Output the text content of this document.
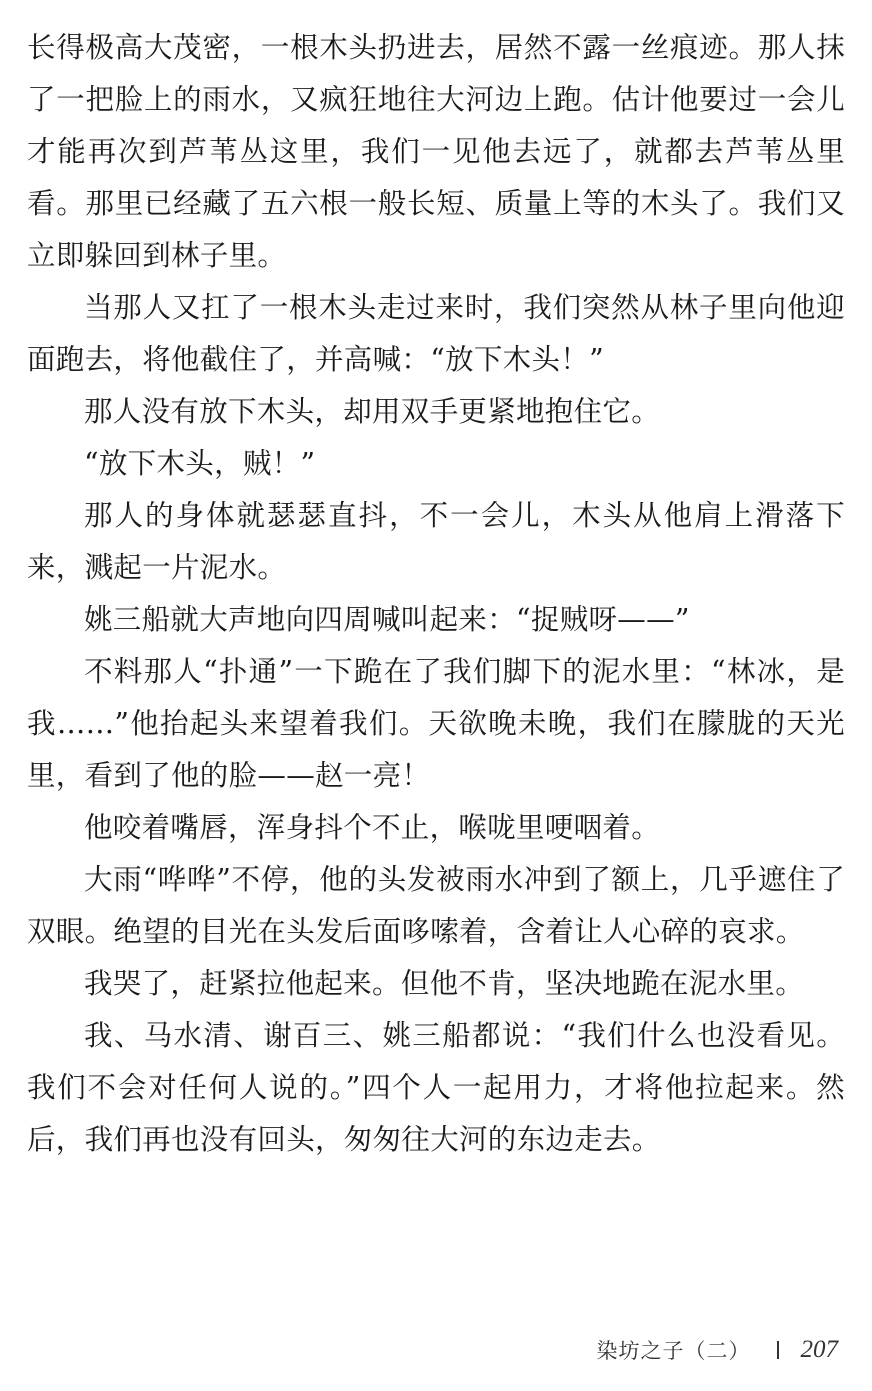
长得极高大茂密，一根木头扔进去，居然不露一丝痕迹。那人抹了一把脸上的雨水，又疯狂地往大河边上跑。估计他要过一会儿才能再次到芦苇丛这里，我们一见他去远了，就都去芦苇丛里看。那里已经藏了五六根一般长短、质量上等的木头了。我们又立即躲回到林子里。

当那人又扛了一根木头走过来时，我们突然从林子里向他迎面跑去，将他截住了，并高喊：“放下木头！”

那人没有放下木头，却用双手更紧地抱住它。

“放下木头，贼！”

那人的身体就瑟瑟直抖，不一会儿，木头从他肩上滑落下来，溅起一片泥水。

姚三船就大声地向四周喊叫起来：“捉贼呀——”

不料那人“扑通”一下跪在了我们脚下的泥水里：“林冰，是我……”他抬起头来望着我们。天欲晚未晚，我们在朦胧的天光里，看到了他的脸——赵一亮！

他咬着嘴唇，浑身抖个不止，喉咙里哽咽着。

大雨“哗哗”不停，他的头发被雨水冲到了额上，几乎遮住了双眼。绝望的目光在头发后面哆嗦着，含着让人心碎的哀求。

我哭了，赶紧拉他起来。但他不肯，坚决地跪在泥水里。

我、马水清、谢百三、姚三船都说：“我们什么也没看见。我们不会对任何人说的。”四个人一起用力，才将他拉起来。然后，我们再也没有回头，匆匆往大河的东边走去。

染坊之子（二） 207
